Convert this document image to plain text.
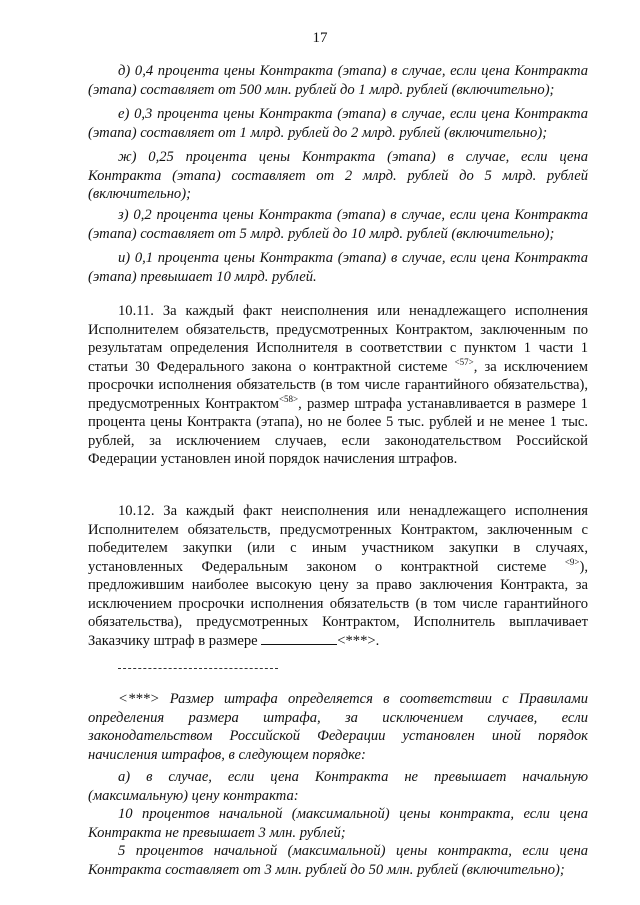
17

д) 0,4 процента цены Контракта (этапа) в случае, если цена Контракта (этапа) составляет от 500 млн. рублей до 1 млрд. рублей (включительно);

е) 0,3 процента цены Контракта (этапа) в случае, если цена Контракта (этапа) составляет от 1 млрд. рублей до 2 млрд. рублей (включительно);

ж) 0,25 процента цены Контракта (этапа) в случае, если цена Контракта (этапа) составляет от 2 млрд. рублей до 5 млрд. рублей (включительно);

з) 0,2 процента цены Контракта (этапа) в случае, если цена Контракта (этапа) составляет от 5 млрд. рублей до 10 млрд. рублей (включительно);

и) 0,1 процента цены Контракта (этапа) в случае, если цена Контракта (этапа) превышает 10 млрд. рублей.

10.11. За каждый факт неисполнения или ненадлежащего исполнения Исполнителем обязательств, предусмотренных Контрактом, заключенным по результатам определения Исполнителя в соответствии с пунктом 1 части 1 статьи 30 Федерального закона о контрактной системе $^{<57>}$, за исключением просрочки исполнения обязательств (в том числе гарантийного обязательства), предусмотренных Контрактом$^{<58>}$, размер штрафа устанавливается в размере 1 процента цены Контракта (этапа), но не более 5 тыс. рублей и не менее 1 тыс. рублей, за исключением случаев, если законодательством Российской Федерации установлен иной порядок начисления штрафов.

10.12. За каждый факт неисполнения или ненадлежащего исполнения Исполнителем обязательств, предусмотренных Контрактом, заключенным с победителем закупки (или с иным участником закупки в случаях, установленных Федеральным законом о контрактной системе $^{<9>}$), предложившим наиболее высокую цену за право заключения Контракта, за исключением просрочки исполнения обязательств (в том числе гарантийного обязательства), предусмотренных Контрактом, Исполнитель выплачивает Заказчику штраф в размере	<***>.

<***> Размер штрафа определяется в соответствии с Правилами определения размера штрафа, за исключением случаев, если законодательством Российской Федерации установлен иной порядок начисления штрафов, в следующем порядке:

а) в случае, если цена Контракта не превышает начальную (максимальную) цену контракта:

10 процентов начальной (максимальной) цены контракта, если цена Контракта не превышает 3 млн. рублей;

5 процентов начальной (максимальной) цены контракта, если цена Контракта составляет от 3 млн. рублей до 50 млн. рублей (включительно);
